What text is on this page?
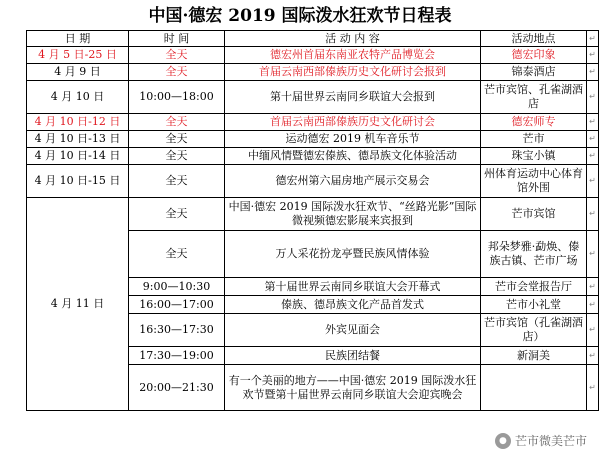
中国·德宏 2019 国际泼水狂欢节日程表
日 期	时 间	活 动 内 容	活动地点	↵
4 月 5 日-25 日	全天	德宏州首届东南亚农特产品博览会	德宏印象	↵
4 月 9 日	全天	首届云南西部傣族历史文化研讨会报到	锦泰酒店	↵
4 月 10 日	10:00—18:00	第十届世界云南同乡联谊大会报到	芒市宾馆、孔雀湖酒店	↵
4 月 10 日-12 日	全天	首届云南西部傣族历史文化研讨会	德宏师专	↵
4 月 10 日-13 日	全天	运动德宏 2019 机车音乐节	芒市	↵
4 月 10 日-14 日	全天	中缅风情暨德宏傣族、德昂族文化体验活动	珠宝小镇	↵
4 月 10 日-15 日	全天	德宏州第六届房地产展示交易会	州体育运动中心体育馆外围	↵
4 月 11 日	全天	中国·德宏 2019 国际泼水狂欢节、“丝路光影”国际微视频德宏影展来宾报到	芒市宾馆	↵
	全天	万人采花扮龙亭暨民族风情体验	邦朵梦雅·勐焕、傣族古镇、芒市广场	↵
	9:00—10:30	第十届世界云南同乡联谊大会开幕式	芒市会堂报告厅	↵
	16:00—17:00	傣族、德昂族文化产品首发式	芒市小礼堂	↵
	16:30—17:30	外宾见面会	芒市宾馆（孔雀湖酒店）	↵
	17:30—19:00	民族团结餐	新洞美	↵
	20:00—21:30	有一个美丽的地方——中国·德宏 2019 国际泼水狂欢节暨第十届世界云南同乡联谊大会迎宾晚会		↵
● 芒市微美芒市
